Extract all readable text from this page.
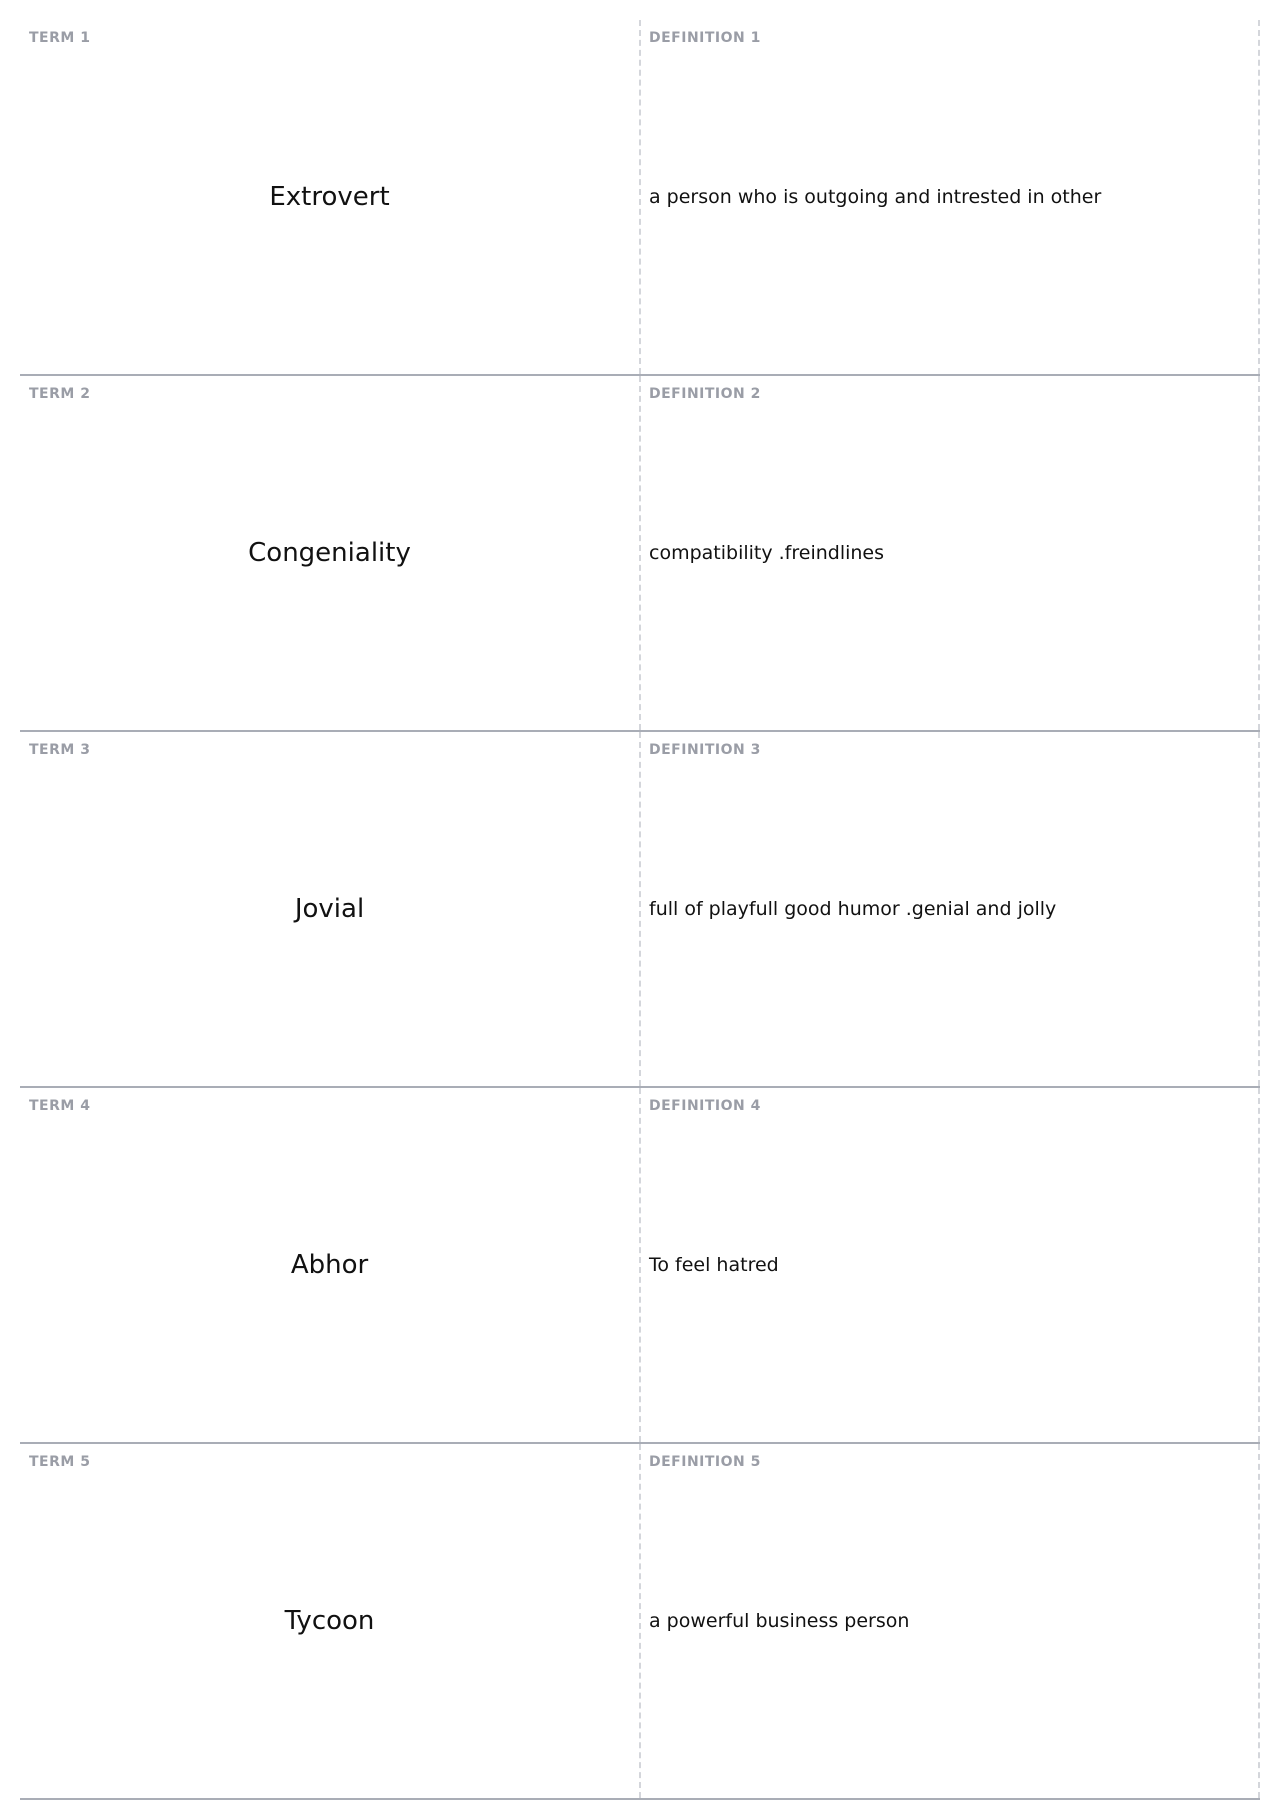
TERM 1
Extrovert
DEFINITION 1
a person who is outgoing and intrested in other
TERM 2
Congeniality
DEFINITION 2
compatibility .freindlines
TERM 3
Jovial
DEFINITION 3
full of playfull good humor .genial and jolly
TERM 4
Abhor
DEFINITION 4
To feel hatred
TERM 5
Tycoon
DEFINITION 5
a powerful business person
